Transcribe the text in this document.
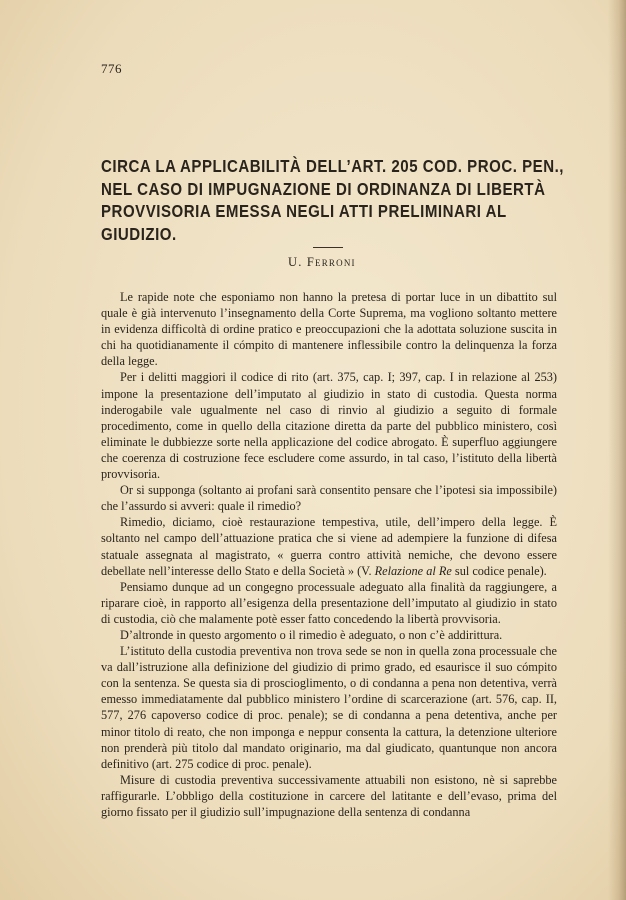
776
CIRCA LA APPLICABILITÀ DELL’ART. 205 COD. PROC. PEN.,
NEL CASO DI IMPUGNAZIONE DI ORDINANZA DI LIBERTÀ
PROVVISORIA EMESSA NEGLI ATTI PRELIMINARI AL
GIUDIZIO.
U. Ferroni

Le rapide note che esponiamo non hanno la pretesa di portar luce in un dibattito sul quale è già intervenuto l’insegnamento della Corte Suprema, ma vogliono soltanto mettere in evidenza difficoltà di ordine pratico e preoccupazioni che la adottata soluzione suscita in chi ha quotidianamente il cómpito di mantenere inflessibile contro la delinquenza la forza della legge.

Per i delitti maggiori il codice di rito (art. 375, cap. I; 397, cap. I in relazione al 253) impone la presentazione dell’imputato al giudizio in stato di custodia. Questa norma inderogabile vale ugualmente nel caso di rinvio al giudizio a seguito di formale procedimento, come in quello della citazione diretta da parte del pubblico ministero, così eliminate le dubbiezze sorte nella applicazione del codice abrogato. È superfluo aggiungere che coerenza di costruzione fece escludere come assurdo, in tal caso, l’istituto della libertà provvisoria.

Or si supponga (soltanto ai profani sarà consentito pensare che l’ipotesi sia impossibile) che l’assurdo si avveri: quale il rimedio?

Rimedio, diciamo, cioè restaurazione tempestiva, utile, dell’impero della legge. È soltanto nel campo dell’attuazione pratica che si viene ad adempiere la funzione di difesa statuale assegnata al magistrato, « guerra contro attività nemiche, che devono essere debellate nell’interesse dello Stato e della Società » (V. Relazione al Re sul codice penale).

Pensiamo dunque ad un congegno processuale adeguato alla finalità da raggiungere, a riparare cioè, in rapporto all’esigenza della presentazione dell’imputato al giudizio in stato di custodia, ciò che malamente potè esser fatto concedendo la libertà provvisoria.

D’altronde in questo argomento o il rimedio è adeguato, o non c’è addirittura.

L’istituto della custodia preventiva non trova sede se non in quella zona processuale che va dall’istruzione alla definizione del giudizio di primo grado, ed esaurisce il suo cómpito con la sentenza. Se questa sia di proscioglimento, o di condanna a pena non detentiva, verrà emesso immediatamente dal pubblico ministero l’ordine di scarcerazione (art. 576, cap. II, 577, 276 capoverso codice di proc. penale); se di condanna a pena detentiva, anche per minor titolo di reato, che non imponga e neppur consenta la cattura, la detenzione ulteriore non prenderà più titolo dal mandato originario, ma dal giudicato, quantunque non ancora definitivo (art. 275 codice di proc. penale).

Misure di custodia preventiva successivamente attuabili non esistono, nè si saprebbe raffigurarle. L’obbligo della costituzione in carcere del latitante e dell’evaso, prima del giorno fissato per il giudizio sull’impugnazione della sentenza di condanna
